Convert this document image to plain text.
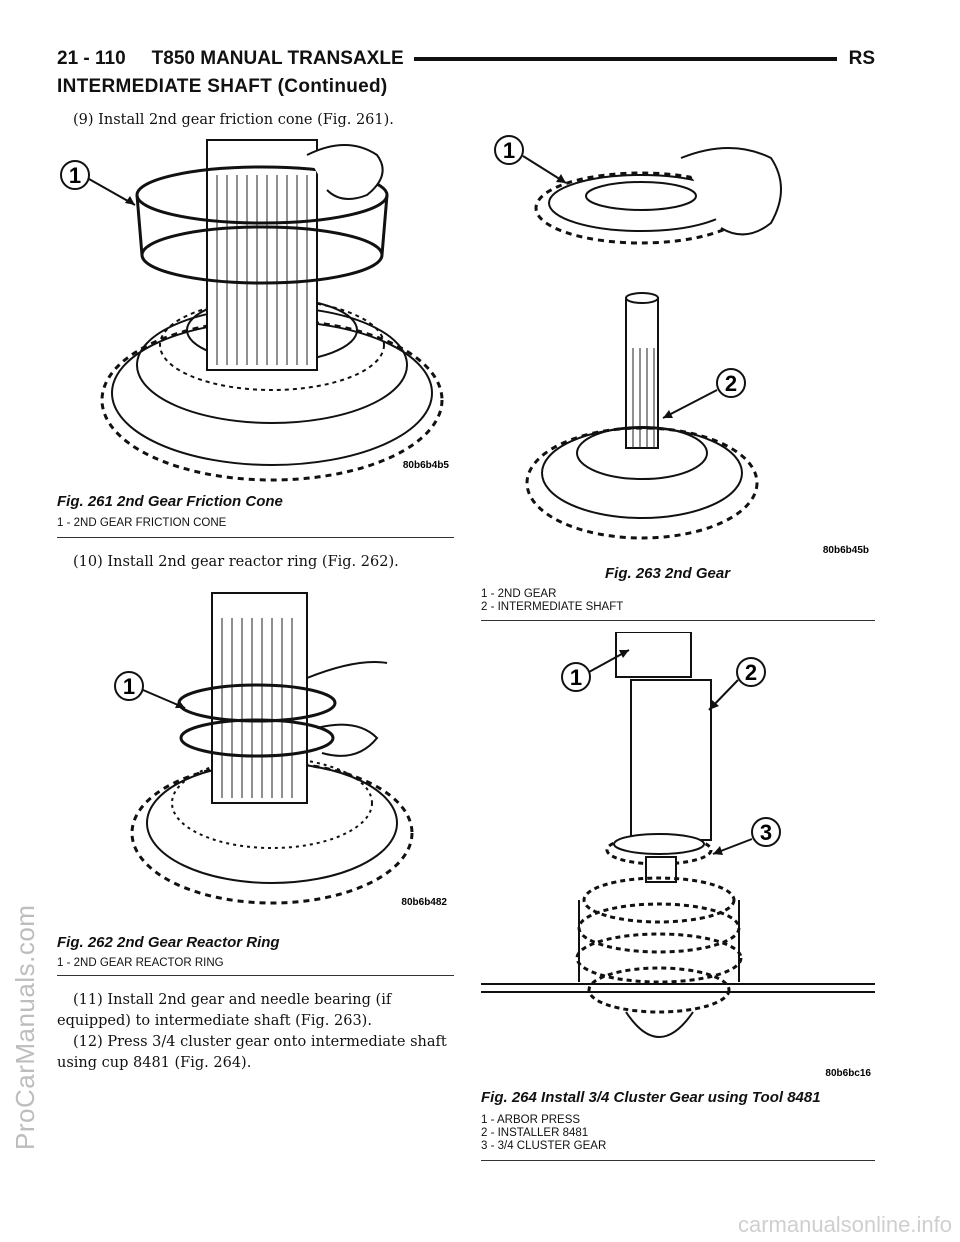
ProCarManuals.com
21 - 110 T850 MANUAL TRANSAXLE	RS
INTERMEDIATE SHAFT (Continued)
(9) Install 2nd gear friction cone (Fig. 261).
1
80b6b4b5
Fig. 261 2nd Gear Friction Cone
1 - 2ND GEAR FRICTION CONE
(10) Install 2nd gear reactor ring (Fig. 262).
1
80b6b482
Fig. 262 2nd Gear Reactor Ring
1 - 2ND GEAR REACTOR RING
(11) Install 2nd gear and needle bearing (if equipped) to intermediate shaft (Fig. 263).
(12) Press 3/4 cluster gear onto intermediate shaft using cup 8481 (Fig. 264).
1
2
80b6b45b
Fig. 263 2nd Gear
1 - 2ND GEAR
2 - INTERMEDIATE SHAFT
1	2
3
80b6bc16
Fig. 264 Install 3/4 Cluster Gear using Tool 8481
1 - ARBOR PRESS
2 - INSTALLER 8481
3 - 3/4 CLUSTER GEAR
carmanualsonline.info
